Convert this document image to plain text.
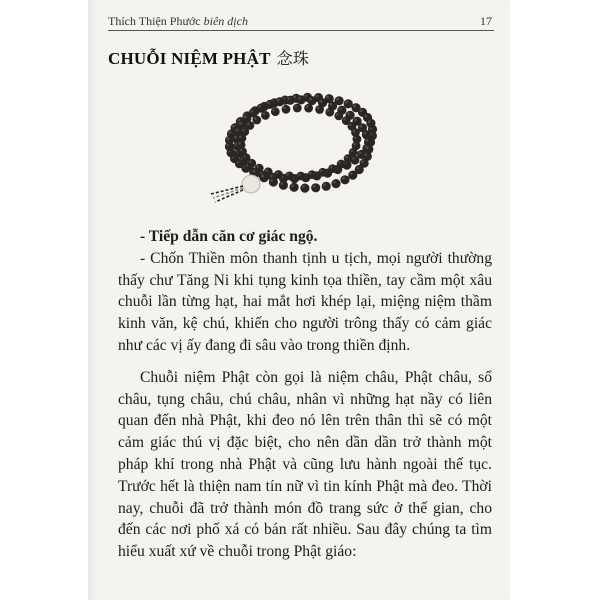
Thích Thiện Phước biên dịch	17
CHUỖI NIỆM PHẬT 念珠

- Tiếp dẫn căn cơ giác ngộ.

- Chốn Thiền môn thanh tịnh u tịch, mọi người thường thấy chư Tăng Ni khi tụng kinh tọa thiền, tay cầm một xâu chuỗi lần từng hạt, hai mắt hơi khép lại, miệng niệm thầm kinh văn, kệ chú, khiến cho người trông thấy có cảm giác như các vị ấy đang đi sâu vào trong thiền định.

Chuỗi niệm Phật còn gọi là niệm châu, Phật châu, sổ châu, tụng châu, chú châu, nhân vì những hạt nầy có liên quan đến nhà Phật, khi đeo nó lên trên thân thì sẽ có một cảm giác thú vị đặc biệt, cho nên dần dần trở thành một pháp khí trong nhà Phật và cũng lưu hành ngoài thế tục. Trước hết là thiện nam tín nữ vì tin kính Phật mà đeo. Thời nay, chuỗi đã trở thành món đồ trang sức ở thế gian, cho đến các nơi phố xá có bán rất nhiều. Sau đây chúng ta tìm hiểu xuất xứ về chuỗi trong Phật giáo:
